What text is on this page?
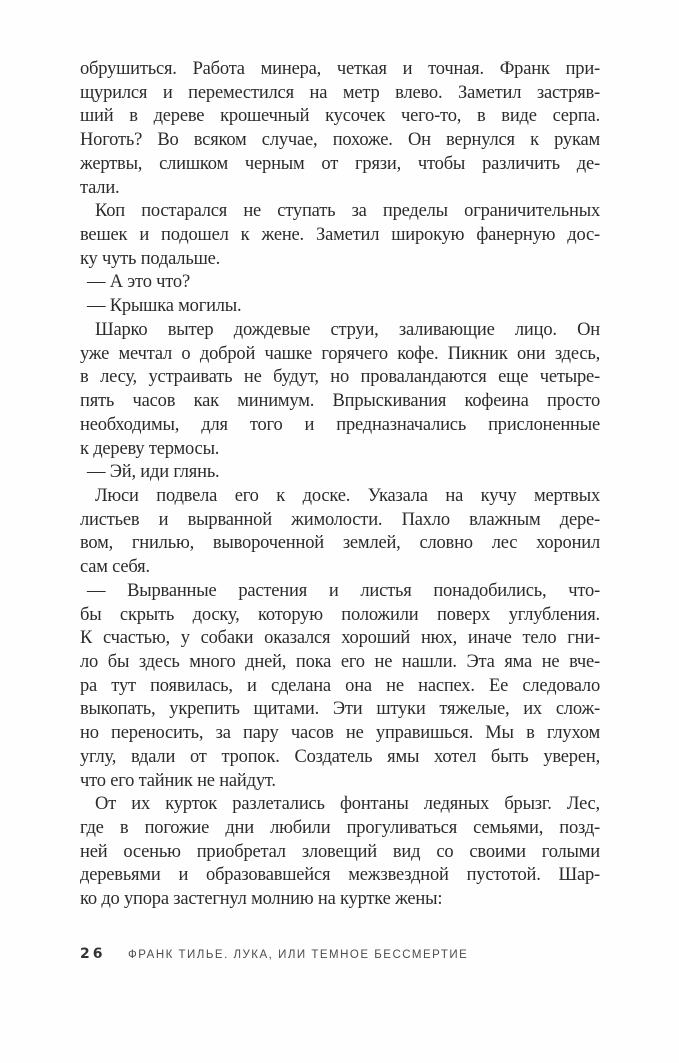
обрушиться. Работа минера, четкая и точная. Франк при-
щурился и переместился на метр влево. Заметил застряв-
ший в дереве крошечный кусочек чего-то, в виде серпа.
Ноготь? Во всяком случае, похоже. Он вернулся к рукам
жертвы, слишком черным от грязи, чтобы различить де-
тали.
Коп постарался не ступать за пределы ограничительных
вешек и подошел к жене. Заметил широкую фанерную дос-
ку чуть подальше.
— А это что?
— Крышка могилы.
Шарко вытер дождевые струи, заливающие лицо. Он
уже мечтал о доброй чашке горячего кофе. Пикник они здесь,
в лесу, устраивать не будут, но проваландаются еще четыре-
пять часов как минимум. Впрыскивания кофеина просто
необходимы, для того и предназначались прислоненные
к дереву термосы.
— Эй, иди глянь.
Люси подвела его к доске. Указала на кучу мертвых
листьев и вырванной жимолости. Пахло влажным дере-
вом, гнилью, вывороченной землей, словно лес хоронил
сам себя.
— Вырванные растения и листья понадобились, что-
бы скрыть доску, которую положили поверх углубления.
К счастью, у собаки оказался хороший нюх, иначе тело гни-
ло бы здесь много дней, пока его не нашли. Эта яма не вче-
ра тут появилась, и сделана она не наспех. Ее следовало
выкопать, укрепить щитами. Эти штуки тяжелые, их слож-
но переносить, за пару часов не управишься. Мы в глухом
углу, вдали от тропок. Создатель ямы хотел быть уверен,
что его тайник не найдут.
От их курток разлетались фонтаны ледяных брызг. Лес,
где в погожие дни любили прогуливаться семьями, позд-
ней осенью приобретал зловещий вид со своими голыми
деревьями и образовавшейся межзвездной пустотой. Шар-
ко до упора застегнул молнию на куртке жены:
26 ФРАНК ТИЛЬЕ. ЛУКА, ИЛИ ТЕМНОЕ БЕССМЕРТИЕ
